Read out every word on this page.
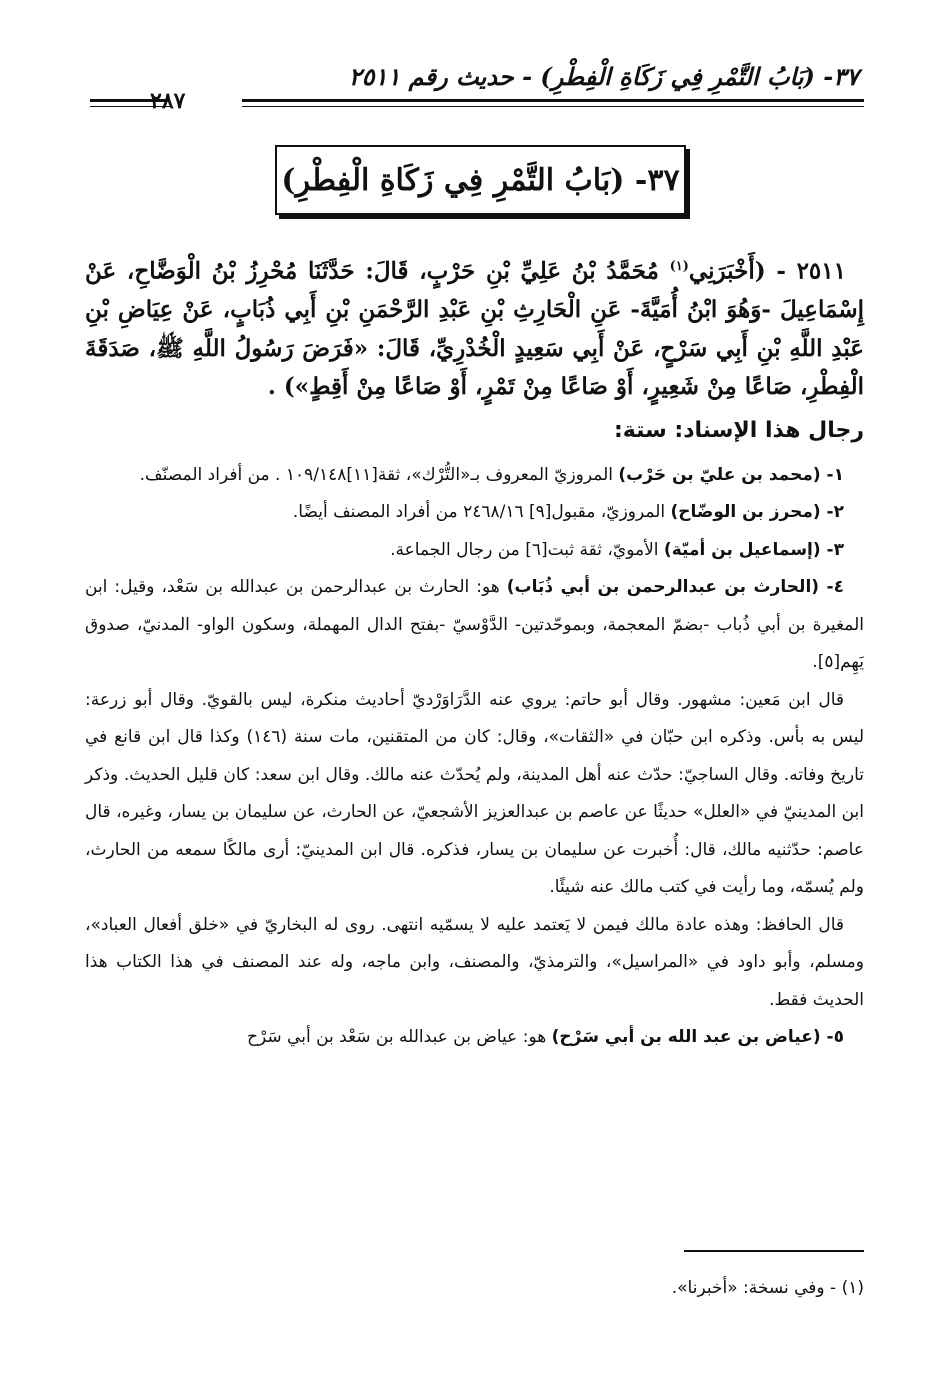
٣٧- (بَابُ التَّمْرِ فِي زَكَاةِ الْفِطْرِ) - حديث رقم ٢٥١١
٢٨٧
٣٧- (بَابُ التَّمْرِ فِي زَكَاةِ الْفِطْرِ)

٢٥١١ - (أَخْبَرَنِي$^{(١)}$ مُحَمَّدُ بْنُ عَلِيِّ بْنِ حَرْبٍ، قَالَ: حَدَّثَنَا مُحْرِزُ بْنُ الْوَضَّاحِ، عَنْ إِسْمَاعِيلَ -وَهُوَ ابْنُ أُمَيَّةَ- عَنِ الْحَارِثِ بْنِ عَبْدِ الرَّحْمَنِ بْنِ أَبِي ذُبَابٍ، عَنْ عِيَاضِ بْنِ عَبْدِ اللَّهِ بْنِ أَبِي سَرْحٍ، عَنْ أَبِي سَعِيدٍ الْخُدْرِيِّ، قَالَ: «فَرَضَ رَسُولُ اللَّهِ ﷺ، صَدَقَةَ الْفِطْرِ، صَاعًا مِنْ شَعِيرٍ، أَوْ صَاعًا مِنْ تَمْرٍ، أَوْ صَاعًا مِنْ أَقِطٍ») .

رجال هذا الإسناد: ستة:

١- (محمد بن عليّ بن حَرْب) المروزيّ المعروف بـ«التُّرْك»، ثقة[١١]١٠٩/١٤٨ . من أفراد المصنّف.

٢- (محرز بن الوضّاح) المروزيّ، مقبول[٩] ٢٤٦٨/١٦ من أفراد المصنف أيضًا.

٣- (إسماعيل بن أميّة) الأمويّ، ثقة ثبت[٦] من رجال الجماعة.

٤- (الحارث بن عبدالرحمن بن أبي ذُبَاب) هو: الحارث بن عبدالرحمن بن عبدالله بن سَعْد، وقيل: ابن المغيرة بن أبي ذُباب -بضمّ المعجمة، وبموحّدتين- الدَّوْسيّ -بفتح الدال المهملة، وسكون الواو- المدنيّ، صدوق يَهِم[٥].

قال ابن مَعين: مشهور. وقال أبو حاتم: يروي عنه الدَّرَاوَرْديّ أحاديث منكرة، ليس بالقويّ. وقال أبو زرعة: ليس به بأس. وذكره ابن حبّان في «الثقات»، وقال: كان من المتقنين، مات سنة (١٤٦) وكذا قال ابن قانع في تاريخ وفاته. وقال الساجيّ: حدّث عنه أهل المدينة، ولم يُحدّث عنه مالك. وقال ابن سعد: كان قليل الحديث. وذكر ابن المدينيّ في «العلل» حديثًا عن عاصم بن عبدالعزيز الأشجعيّ، عن الحارث، عن سليمان بن يسار، وغيره، قال عاصم: حدّثنيه مالك، قال: أُخبرت عن سليمان بن يسار، فذكره. قال ابن المدينيّ: أرى مالكًا سمعه من الحارث، ولم يُسمّه، وما رأيت في كتب مالك عنه شيئًا.

قال الحافظ: وهذه عادة مالك فيمن لا يَعتمد عليه لا يسمّيه انتهى. روى له البخاريّ في «خلق أفعال العباد»، ومسلم، وأبو داود في «المراسيل»، والترمذيّ، والمصنف، وابن ماجه، وله عند المصنف في هذا الكتاب هذا الحديث فقط.

٥- (عياض بن عبد الله بن أبي سَرْح) هو: عياض بن عبدالله بن سَعْد بن أبي سَرْح

(١) - وفي نسخة: «أخبرنا».
